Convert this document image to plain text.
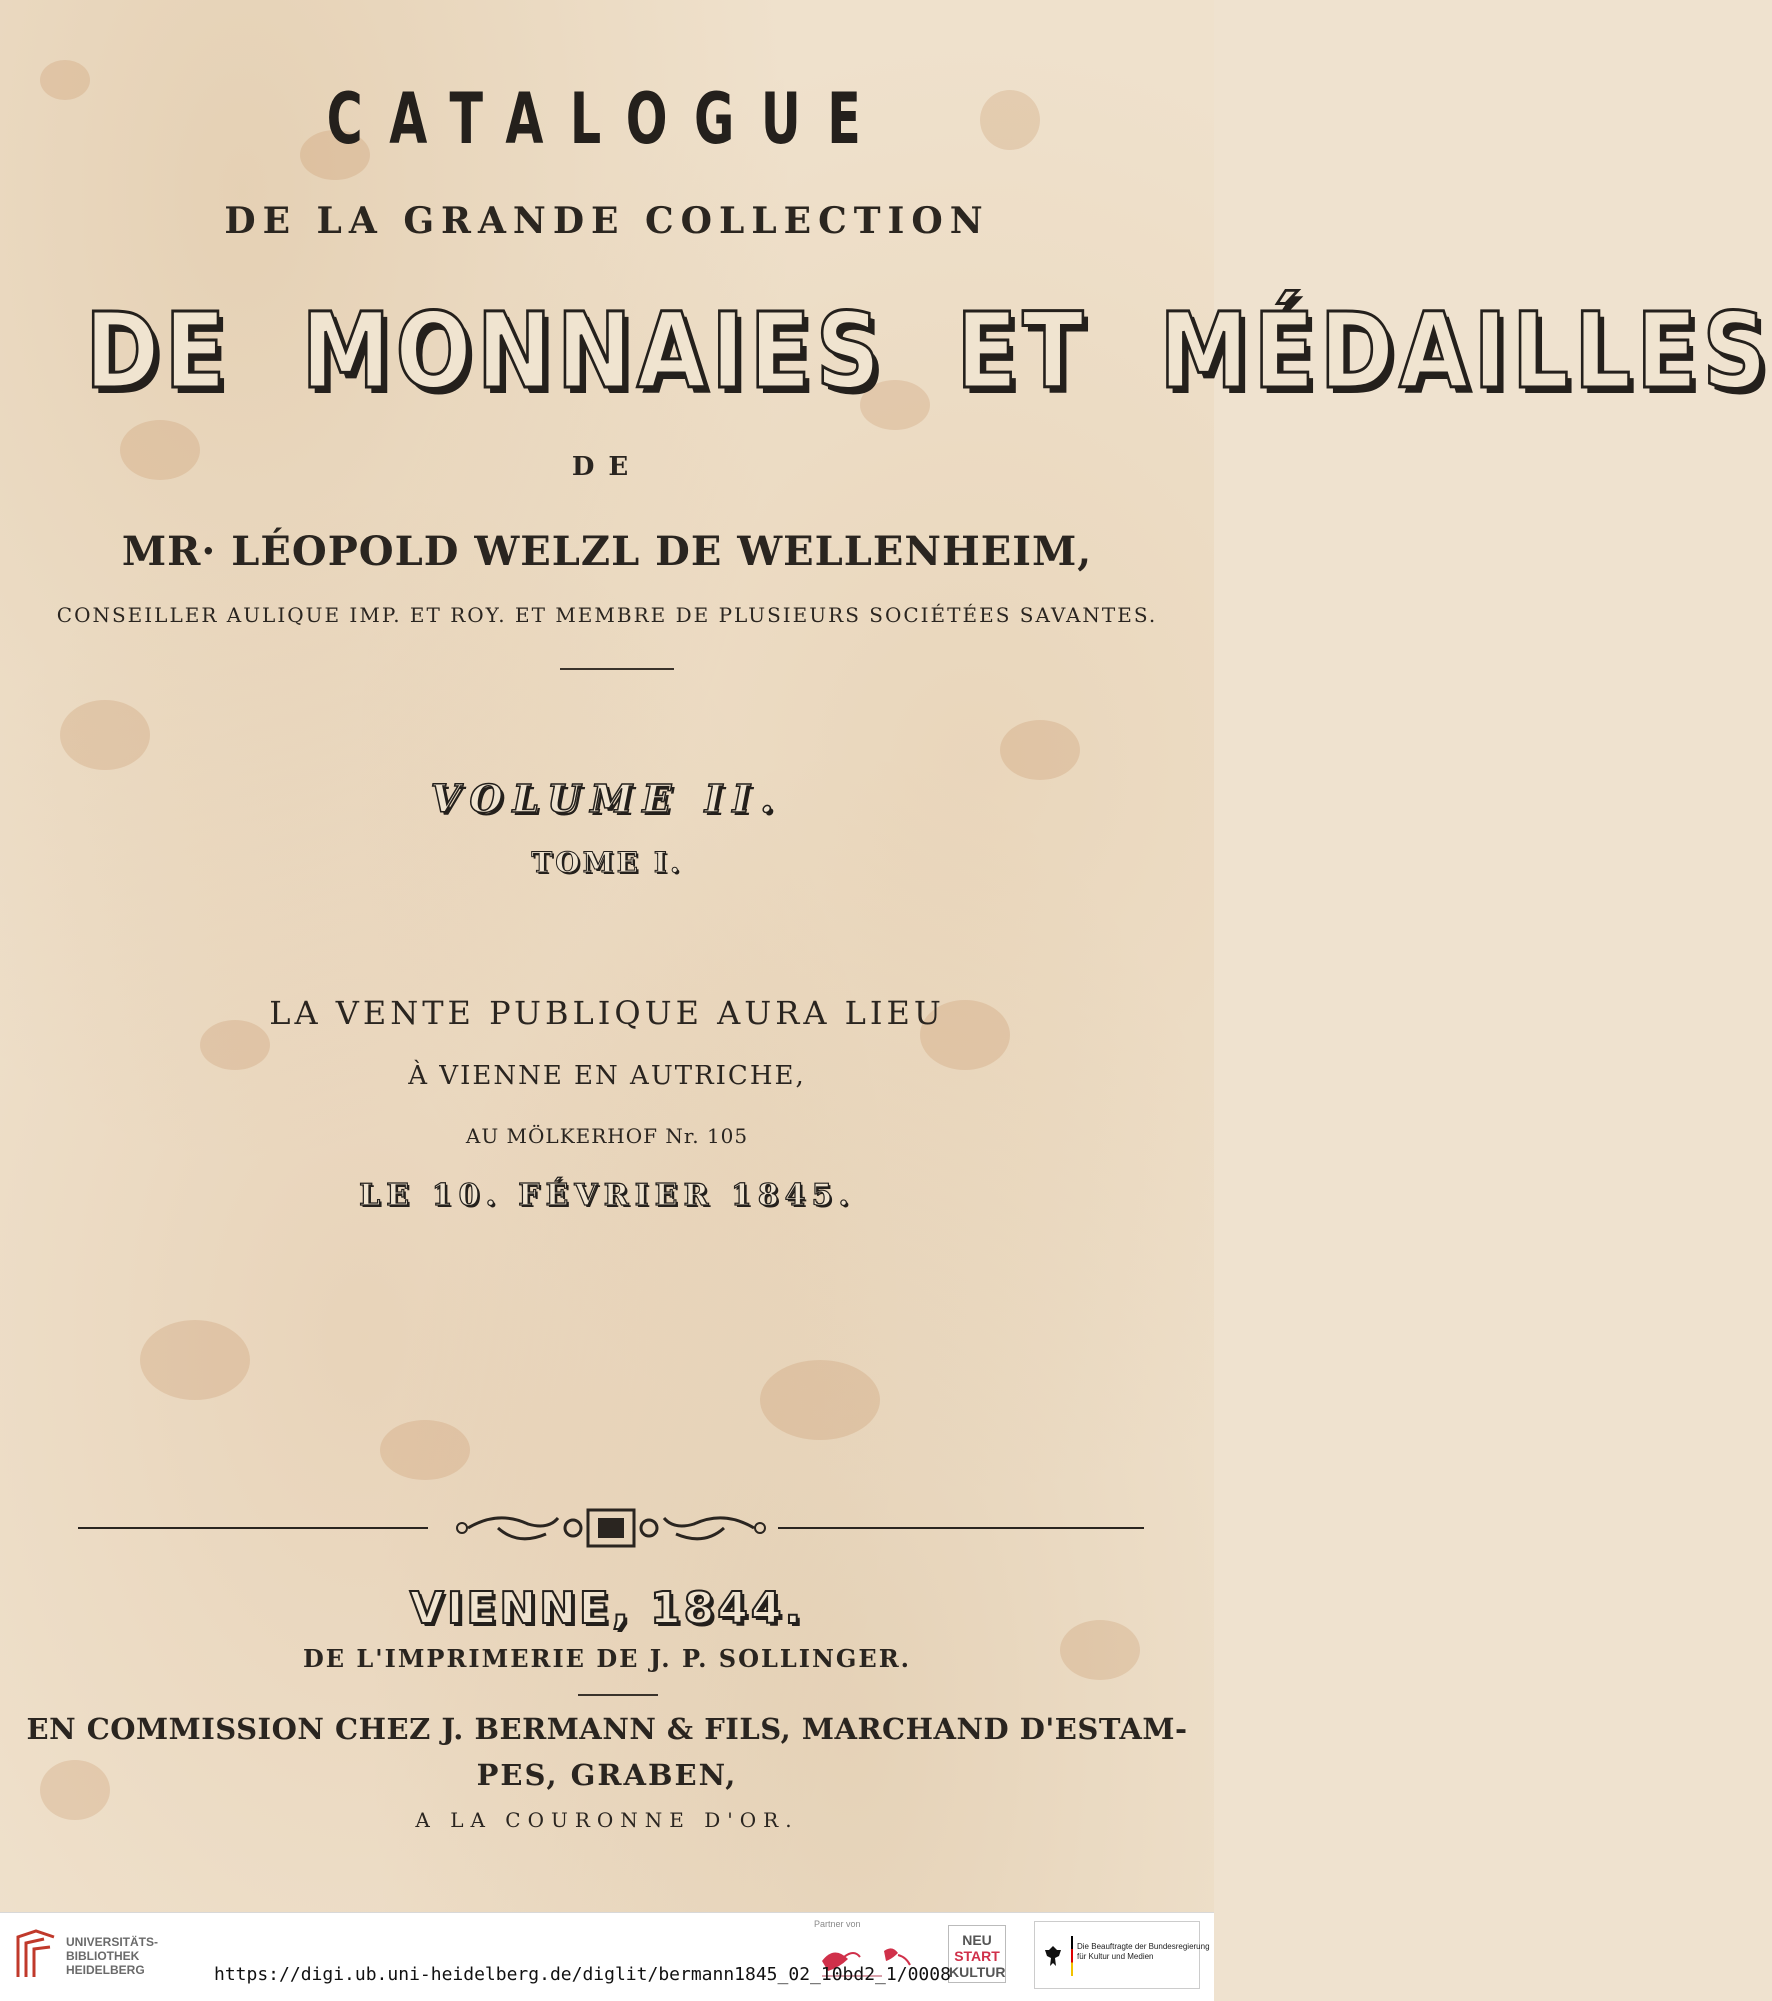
CATALOGUE
DE LA GRANDE COLLECTION
DE MONNAIES ET MÉDAILLES
DE
MR· LÉOPOLD WELZL DE WELLENHEIM,
CONSEILLER AULIQUE IMP. ET ROY. ET MEMBRE DE PLUSIEURS SOCIÉTÉES SAVANTES.
VOLUME II.
TOME I.
LA VENTE PUBLIQUE AURA LIEU
À VIENNE EN AUTRICHE,
AU MÖLKERHOF Nr. 105
LE 10. FÉVRIER 1845.
VIENNE, 1844.
DE L'IMPRIMERIE DE J. P. SOLLINGER.
EN COMMISSION CHEZ J. BERMANN & FILS, MARCHAND D'ESTAM-
PES, GRABEN,
A LA COURONNE D'OR.
UNIVERSITÄTS-
BIBLIOTHEK
HEIDELBERG
Partner von
NEU
START
KULTUR
Die Beauftragte der Bundesregierung
für Kultur und Medien
https://digi.ub.uni-heidelberg.de/diglit/bermann1845_02_10bd2_1/0008
